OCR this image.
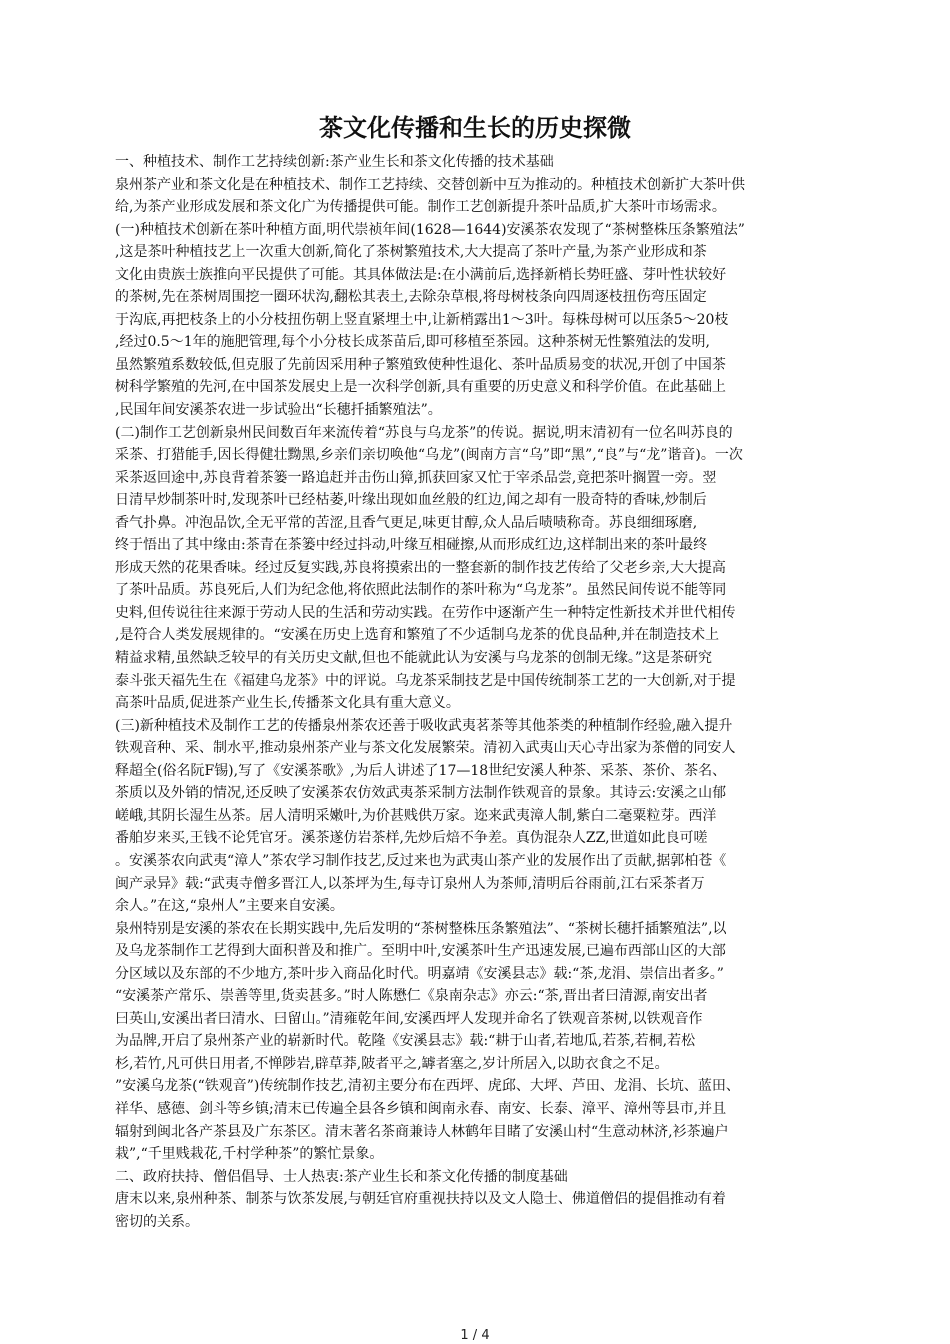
茶文化传播和生长的历史探微
一、种植技术、制作工艺持续创新:茶产业生长和茶文化传播的技术基础
泉州茶产业和茶文化是在种植技术、制作工艺持续、交替创新中互为推动的。种植技术创新扩大茶叶供
给,为茶产业形成发展和茶文化广为传播提供可能。制作工艺创新提升茶叶品质,扩大茶叶市场需求。
(一)种植技术创新在茶叶种植方面,明代崇祯年间(1628—1644)安溪茶农发现了“茶树整株压条繁殖法”
,这是茶叶种植技艺上一次重大创新,简化了茶树繁殖技术,大大提高了茶叶产量,为茶产业形成和茶
文化由贵族士族推向平民提供了可能。其具体做法是:在小满前后,选择新梢长势旺盛、芽叶性状较好
的茶树,先在茶树周围挖一圈环状沟,翻松其表土,去除杂草根,将母树枝条向四周逐枝扭伤弯压固定
于沟底,再把枝条上的小分枝扭伤朝上竖直紧埋土中,让新梢露出1～3叶。每株母树可以压条5～20枝
,经过0.5～1年的施肥管理,每个小分枝长成茶苗后,即可移植至茶园。这种茶树无性繁殖法的发明,
虽然繁殖系数较低,但克服了先前因采用种子繁殖致使种性退化、茶叶品质易变的状况,开创了中国茶
树科学繁殖的先河,在中国茶发展史上是一次科学创新,具有重要的历史意义和科学价值。在此基础上
,民国年间安溪茶农进一步试验出“长穗扦插繁殖法”。
(二)制作工艺创新泉州民间数百年来流传着“苏良与乌龙茶”的传说。据说,明末清初有一位名叫苏良的
采茶、打猎能手,因长得健壮黝黑,乡亲们亲切唤他“乌龙”(闽南方言“乌”即“黑”,“良”与“龙”谐音)。一次
采茶返回途中,苏良背着茶篓一路追赶并击伤山獐,抓获回家又忙于宰杀品尝,竟把茶叶搁置一旁。翌
日清早炒制茶叶时,发现茶叶已经枯萎,叶缘出现如血丝般的红边,闻之却有一股奇特的香味,炒制后
香气扑鼻。冲泡品饮,全无平常的苦涩,且香气更足,味更甘醇,众人品后啧啧称奇。苏良细细琢磨,
终于悟出了其中缘由:茶青在茶篓中经过抖动,叶缘互相碰擦,从而形成红边,这样制出来的茶叶最终
形成天然的花果香味。经过反复实践,苏良将摸索出的一整套新的制作技艺传给了父老乡亲,大大提高
了茶叶品质。苏良死后,人们为纪念他,将依照此法制作的茶叶称为“乌龙茶”。虽然民间传说不能等同
史料,但传说往往来源于劳动人民的生活和劳动实践。在劳作中逐渐产生一种特定性新技术并世代相传
,是符合人类发展规律的。“安溪在历史上选育和繁殖了不少适制乌龙茶的优良品种,并在制造技术上
精益求精,虽然缺乏较早的有关历史文献,但也不能就此认为安溪与乌龙茶的创制无缘。”这是茶研究
泰斗张天福先生在《福建乌龙茶》中的评说。乌龙茶采制技艺是中国传统制茶工艺的一大创新,对于提
高茶叶品质,促进茶产业生长,传播茶文化具有重大意义。
(三)新种植技术及制作工艺的传播泉州茶农还善于吸收武夷茗茶等其他茶类的种植制作经验,融入提升
铁观音种、采、制水平,推动泉州茶产业与茶文化发展繁荣。清初入武夷山天心寺出家为茶僧的同安人
释超全(俗名阮F锡),写了《安溪茶歌》,为后人讲述了17—18世纪安溪人种茶、采茶、茶价、茶名、
茶质以及外销的情况,还反映了安溪茶农仿效武夷茶采制方法制作铁观音的景象。其诗云:安溪之山郁
嵯峨,其阴长湿生丛茶。居人清明采嫩叶,为价甚贱供万家。迩来武夷漳人制,紫白二毫粟粒芽。西洋
番舶岁来买,王钱不论凭官牙。溪茶遂仿岩茶样,先炒后焙不争差。真伪混杂人ZZ,世道如此良可嗟
。安溪茶农向武夷“漳人”茶农学习制作技艺,反过来也为武夷山茶产业的发展作出了贡献,据郭柏苍《
闽产录异》载:“武夷寺僧多晋江人,以茶坪为生,每寺订泉州人为茶师,清明后谷雨前,江右采茶者万
余人。”在这,“泉州人”主要来自安溪。
泉州特别是安溪的茶农在长期实践中,先后发明的“茶树整株压条繁殖法”、“茶树长穗扦插繁殖法”,以
及乌龙茶制作工艺得到大面积普及和推广。至明中叶,安溪茶叶生产迅速发展,已遍布西部山区的大部
分区域以及东部的不少地方,茶叶步入商品化时代。明嘉靖《安溪县志》载:“茶,龙涓、崇信出者多。”
“安溪茶产常乐、崇善等里,货卖甚多。”时人陈懋仁《泉南杂志》亦云:“茶,晋出者曰清源,南安出者
曰英山,安溪出者曰清水、曰留山。”清雍乾年间,安溪西坪人发现并命名了铁观音茶树,以铁观音作
为品牌,开启了泉州茶产业的崭新时代。乾隆《安溪县志》载:“耕于山者,若地瓜,若茶,若桐,若松
杉,若竹,凡可供日用者,不惮陟岩,辟草莽,陂者平之,罅者塞之,岁计所居入,以助衣食之不足。
”安溪乌龙茶(“铁观音”)传统制作技艺,清初主要分布在西坪、虎邱、大坪、芦田、龙涓、长坑、蓝田、
祥华、感德、剑斗等乡镇;清末已传遍全县各乡镇和闽南永春、南安、长泰、漳平、漳州等县市,并且
辐射到闽北各产茶县及广东茶区。清末著名茶商兼诗人林鹤年目睹了安溪山村“生意动林济,衫茶遍户
栽”,“千里贱栽花,千村学种茶”的繁忙景象。
二、政府扶持、僧侣倡导、士人热衷:茶产业生长和茶文化传播的制度基础
唐末以来,泉州种茶、制茶与饮茶发展,与朝廷官府重视扶持以及文人隐士、佛道僧侣的提倡推动有着
密切的关系。
1 / 4
